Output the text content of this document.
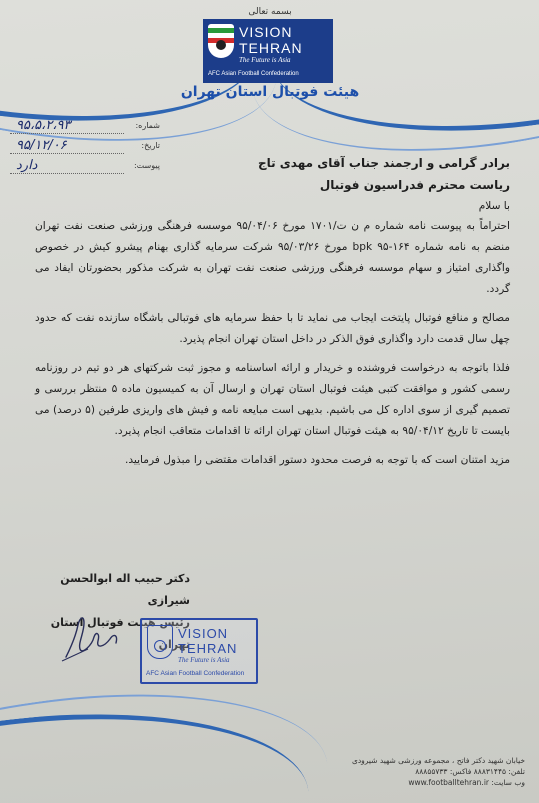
بسمه تعالی
VISION
TEHRAN
The Future is Asia
AFC Asian Football Confederation
هیئت فوتبال استان تهران
شماره:
۹۵،۵،۲،۹۳
تاریخ:
۹۵/۱۲/۰۶
پیوست:
دارد	برادر گرامی و ارجمند جناب آقای مهدی تاج
ریاست محترم فدراسیون فوتبال
با سلام

احتراماً به پیوست نامه شماره م ن ت/۱۷۰۱ مورخ ۹۵/۰۴/۰۶ موسسه فرهنگی ورزشی صنعت نفت تهران منضم به نامه شماره ۱۶۴-۹۵ bpk مورخ ۹۵/۰۳/۲۶ شرکت سرمایه گذاری بهنام پیشرو کیش در خصوص واگذاری امتیاز و سهام موسسه فرهنگی ورزشی صنعت نفت تهران به شرکت مذکور بحضورتان ایفاد می گردد.

مصالح و منافع فوتبال پایتخت ایجاب می نماید تا با حفظ سرمایه های فوتبالی باشگاه سازنده نفت که حدود چهل سال قدمت دارد واگذاری فوق الذکر در داخل استان تهران انجام پذیرد.

فلذا باتوجه به درخواست فروشنده و خریدار و ارائه اساسنامه و مجوز ثبت شرکتهای هر دو تیم در روزنامه رسمی کشور و موافقت کتبی هیئت فوتبال استان تهران و ارسال آن به کمیسیون ماده ۵ منتظر بررسی و تصمیم گیری از سوی اداره کل می باشیم. بدیهی است مبایعه نامه و فیش های واریزی طرفین (۵ درصد) می بایست تا تاریخ ۹۵/۰۴/۱۲ به هیئت فوتبال استان تهران ارائه تا اقدامات متعاقب انجام پذیرد.

مزید امتنان است که با توجه به فرصت محدود دستور اقدامات مقتضی را مبذول فرمایید.

دکتر حبیب اله ابوالحسن شیرازی
رئیس هیئت فوتبال استان تهران
VISION
TEHRAN
The Future is Asia
AFC Asian Football Confederation
خیابان شهید دکتر فاتح ، مجموعه ورزشی شهید شیرودی
تلفن: ۸۸۸۳۱۴۴۵ فاکس: ۸۸۸۵۵۷۳۳
وب سایت: www.footballtehran.ir
